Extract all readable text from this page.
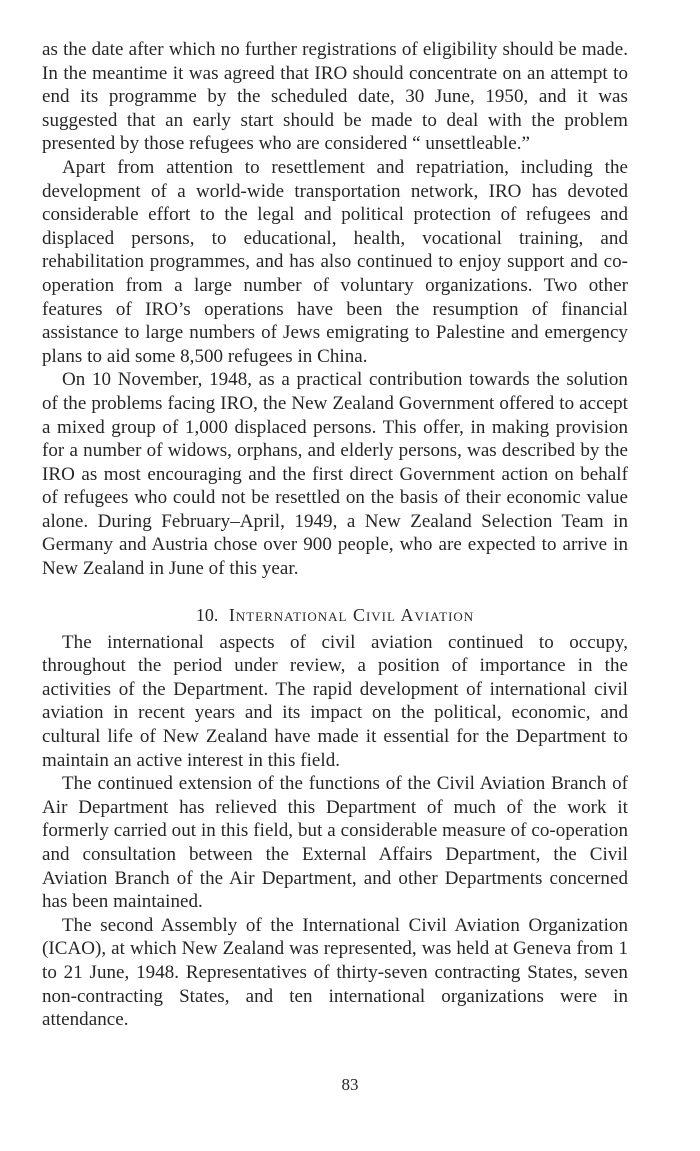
as the date after which no further registrations of eligibility should be made. In the meantime it was agreed that IRO should concentrate on an attempt to end its programme by the scheduled date, 30 June, 1950, and it was suggested that an early start should be made to deal with the problem presented by those refugees who are considered “ unsettleable.”

Apart from attention to resettlement and repatriation, including the development of a world-wide transportation network, IRO has devoted considerable effort to the legal and political protection of refugees and displaced persons, to educational, health, vocational training, and rehabilitation programmes, and has also continued to enjoy support and co-operation from a large number of voluntary organizations. Two other features of IRO’s operations have been the resumption of financial assistance to large numbers of Jews emigrating to Palestine and emergency plans to aid some 8,500 refugees in China.

On 10 November, 1948, as a practical contribution towards the solution of the problems facing IRO, the New Zealand Government offered to accept a mixed group of 1,000 displaced persons. This offer, in making provision for a number of widows, orphans, and elderly persons, was described by the IRO as most encouraging and the first direct Government action on behalf of refugees who could not be resettled on the basis of their economic value alone. During February–April, 1949, a New Zealand Selection Team in Germany and Austria chose over 900 people, who are expected to arrive in New Zealand in June of this year.

10. International Civil Aviation

The international aspects of civil aviation continued to occupy, throughout the period under review, a position of importance in the activities of the Department. The rapid development of international civil aviation in recent years and its impact on the political, economic, and cultural life of New Zealand have made it essential for the Department to maintain an active interest in this field.

The continued extension of the functions of the Civil Aviation Branch of Air Department has relieved this Department of much of the work it formerly carried out in this field, but a considerable measure of co-operation and consultation between the External Affairs Department, the Civil Aviation Branch of the Air Department, and other Departments concerned has been maintained.

The second Assembly of the International Civil Aviation Organization (ICAO), at which New Zealand was represented, was held at Geneva from 1 to 21 June, 1948. Representatives of thirty-seven contracting States, seven non-contracting States, and ten international organizations were in attendance.

83
